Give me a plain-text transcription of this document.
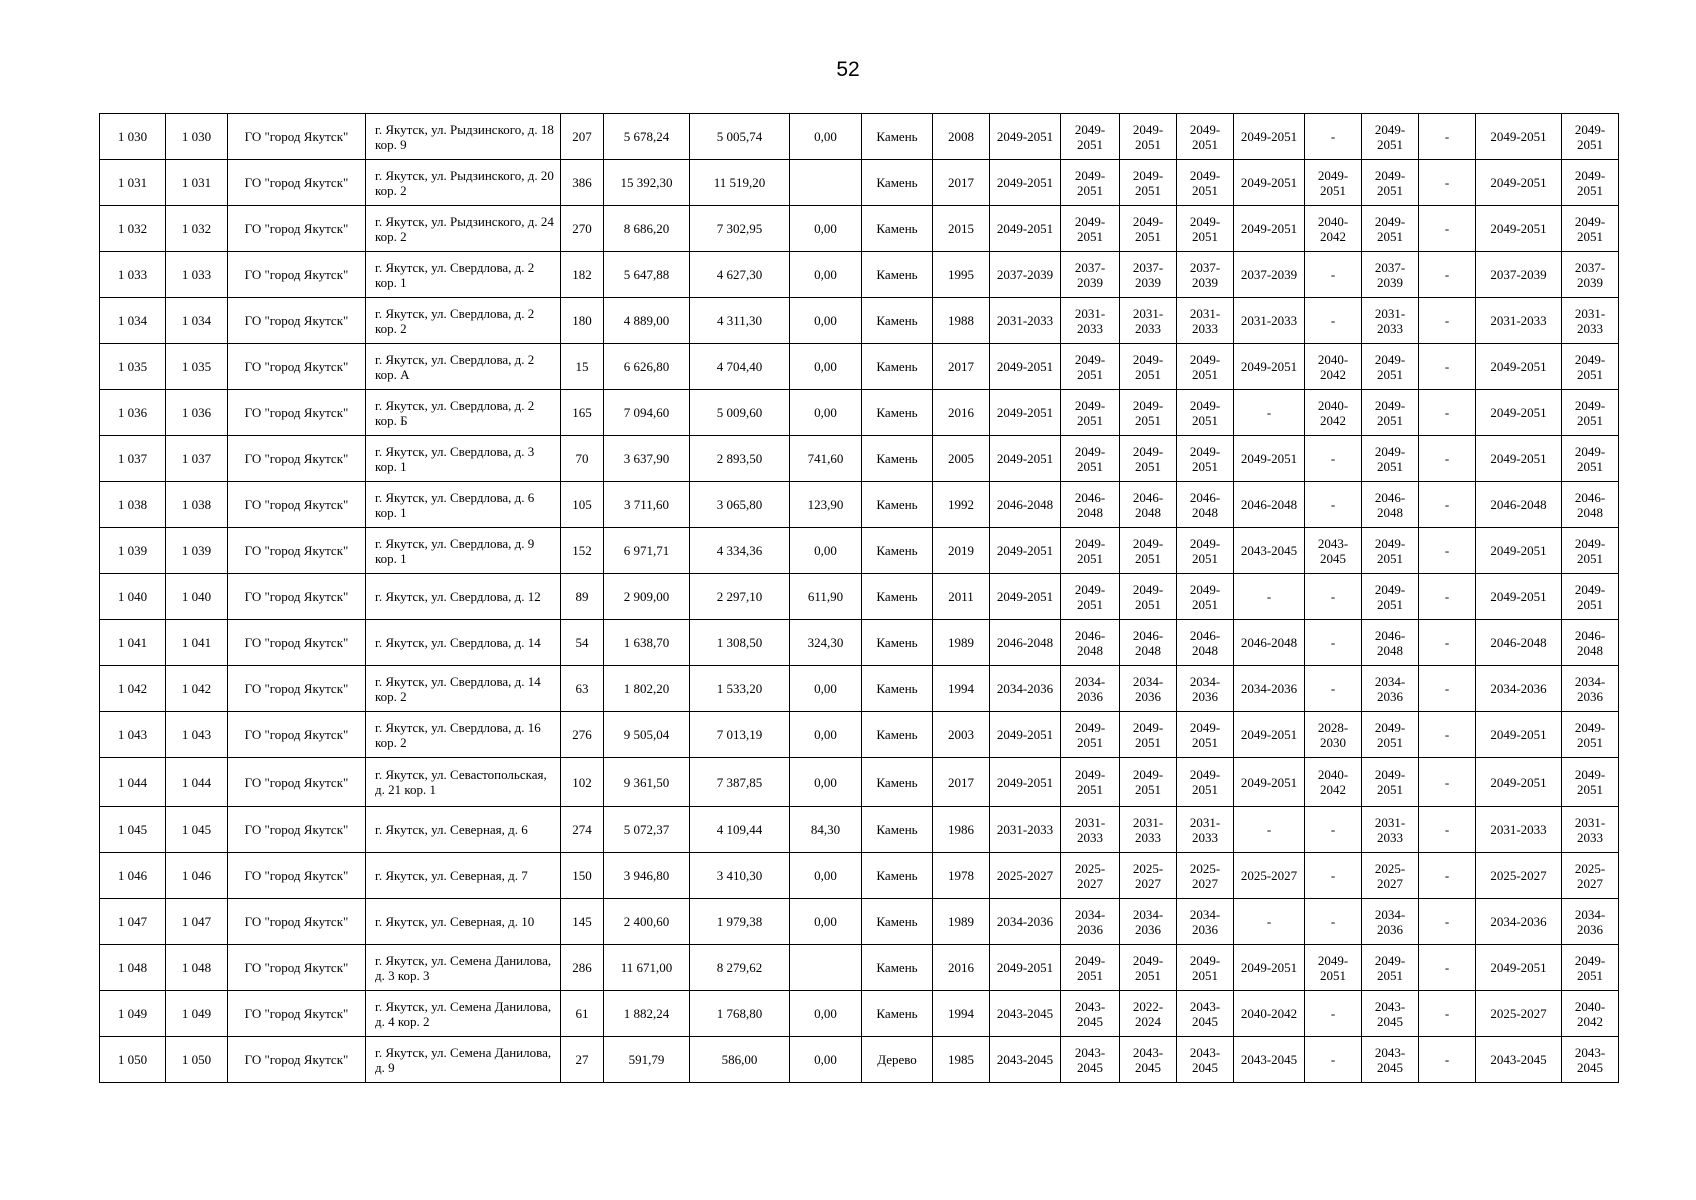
52
1 030	1 030	ГО "город Якутск"	г. Якутск, ул. Рыдзинского, д. 18 кор. 9	207	5 678,24	5 005,74	0,00	Камень	2008	2049-2051	2049-2051	2049-2051	2049-2051	2049-2051	-	2049-2051	-	2049-2051	2049-2051

1 031	1 031	ГО "город Якутск"	г. Якутск, ул. Рыдзинского, д. 20 кор. 2	386	15 392,30	11 519,20		Камень	2017	2049-2051	2049-2051	2049-2051	2049-2051	2049-2051	2049-2051	2049-2051	-	2049-2051	2049-2051

1 032	1 032	ГО "город Якутск"	г. Якутск, ул. Рыдзинского, д. 24 кор. 2	270	8 686,20	7 302,95	0,00	Камень	2015	2049-2051	2049-2051	2049-2051	2049-2051	2049-2051	2040-2042	2049-2051	-	2049-2051	2049-2051

1 033	1 033	ГО "город Якутск"	г. Якутск, ул. Свердлова, д. 2 кор. 1	182	5 647,88	4 627,30	0,00	Камень	1995	2037-2039	2037-2039	2037-2039	2037-2039	2037-2039	-	2037-2039	-	2037-2039	2037-2039

1 034	1 034	ГО "город Якутск"	г. Якутск, ул. Свердлова, д. 2 кор. 2	180	4 889,00	4 311,30	0,00	Камень	1988	2031-2033	2031-2033	2031-2033	2031-2033	2031-2033	-	2031-2033	-	2031-2033	2031-2033

1 035	1 035	ГО "город Якутск"	г. Якутск, ул. Свердлова, д. 2 кор. А	15	6 626,80	4 704,40	0,00	Камень	2017	2049-2051	2049-2051	2049-2051	2049-2051	2049-2051	2040-2042	2049-2051	-	2049-2051	2049-2051

1 036	1 036	ГО "город Якутск"	г. Якутск, ул. Свердлова, д. 2 кор. Б	165	7 094,60	5 009,60	0,00	Камень	2016	2049-2051	2049-2051	2049-2051	2049-2051	-	2040-2042	2049-2051	-	2049-2051	2049-2051

1 037	1 037	ГО "город Якутск"	г. Якутск, ул. Свердлова, д. 3 кор. 1	70	3 637,90	2 893,50	741,60	Камень	2005	2049-2051	2049-2051	2049-2051	2049-2051	2049-2051	-	2049-2051	-	2049-2051	2049-2051

1 038	1 038	ГО "город Якутск"	г. Якутск, ул. Свердлова, д. 6 кор. 1	105	3 711,60	3 065,80	123,90	Камень	1992	2046-2048	2046-2048	2046-2048	2046-2048	2046-2048	-	2046-2048	-	2046-2048	2046-2048

1 039	1 039	ГО "город Якутск"	г. Якутск, ул. Свердлова, д. 9 кор. 1	152	6 971,71	4 334,36	0,00	Камень	2019	2049-2051	2049-2051	2049-2051	2049-2051	2043-2045	2043-2045	2049-2051	-	2049-2051	2049-2051

1 040	1 040	ГО "город Якутск"	г. Якутск, ул. Свердлова, д. 12	89	2 909,00	2 297,10	611,90	Камень	2011	2049-2051	2049-2051	2049-2051	2049-2051	-	-	2049-2051	-	2049-2051	2049-2051

1 041	1 041	ГО "город Якутск"	г. Якутск, ул. Свердлова, д. 14	54	1 638,70	1 308,50	324,30	Камень	1989	2046-2048	2046-2048	2046-2048	2046-2048	2046-2048	-	2046-2048	-	2046-2048	2046-2048

1 042	1 042	ГО "город Якутск"	г. Якутск, ул. Свердлова, д. 14 кор. 2	63	1 802,20	1 533,20	0,00	Камень	1994	2034-2036	2034-2036	2034-2036	2034-2036	2034-2036	-	2034-2036	-	2034-2036	2034-2036

1 043	1 043	ГО "город Якутск"	г. Якутск, ул. Свердлова, д. 16 кор. 2	276	9 505,04	7 013,19	0,00	Камень	2003	2049-2051	2049-2051	2049-2051	2049-2051	2049-2051	2028-2030	2049-2051	-	2049-2051	2049-2051

1 044	1 044	ГО "город Якутск"	г. Якутск, ул. Севастопольская, д. 21 кор. 1	102	9 361,50	7 387,85	0,00	Камень	2017	2049-2051	2049-2051	2049-2051	2049-2051	2049-2051	2040-2042	2049-2051	-	2049-2051	2049-2051

1 045	1 045	ГО "город Якутск"	г. Якутск, ул. Северная, д. 6	274	5 072,37	4 109,44	84,30	Камень	1986	2031-2033	2031-2033	2031-2033	2031-2033	-	-	2031-2033	-	2031-2033	2031-2033

1 046	1 046	ГО "город Якутск"	г. Якутск, ул. Северная, д. 7	150	3 946,80	3 410,30	0,00	Камень	1978	2025-2027	2025-2027	2025-2027	2025-2027	2025-2027	-	2025-2027	-	2025-2027	2025-2027

1 047	1 047	ГО "город Якутск"	г. Якутск, ул. Северная, д. 10	145	2 400,60	1 979,38	0,00	Камень	1989	2034-2036	2034-2036	2034-2036	2034-2036	-	-	2034-2036	-	2034-2036	2034-2036

1 048	1 048	ГО "город Якутск"	г. Якутск, ул. Семена Данилова, д. 3 кор. 3	286	11 671,00	8 279,62		Камень	2016	2049-2051	2049-2051	2049-2051	2049-2051	2049-2051	2049-2051	2049-2051	-	2049-2051	2049-2051

1 049	1 049	ГО "город Якутск"	г. Якутск, ул. Семена Данилова, д. 4 кор. 2	61	1 882,24	1 768,80	0,00	Камень	1994	2043-2045	2043-2045	2022-2024	2043-2045	2040-2042	-	2043-2045	-	2025-2027	2040-2042

1 050	1 050	ГО "город Якутск"	г. Якутск, ул. Семена Данилова, д. 9	27	591,79	586,00	0,00	Дерево	1985	2043-2045	2043-2045	2043-2045	2043-2045	2043-2045	-	2043-2045	-	2043-2045	2043-2045
